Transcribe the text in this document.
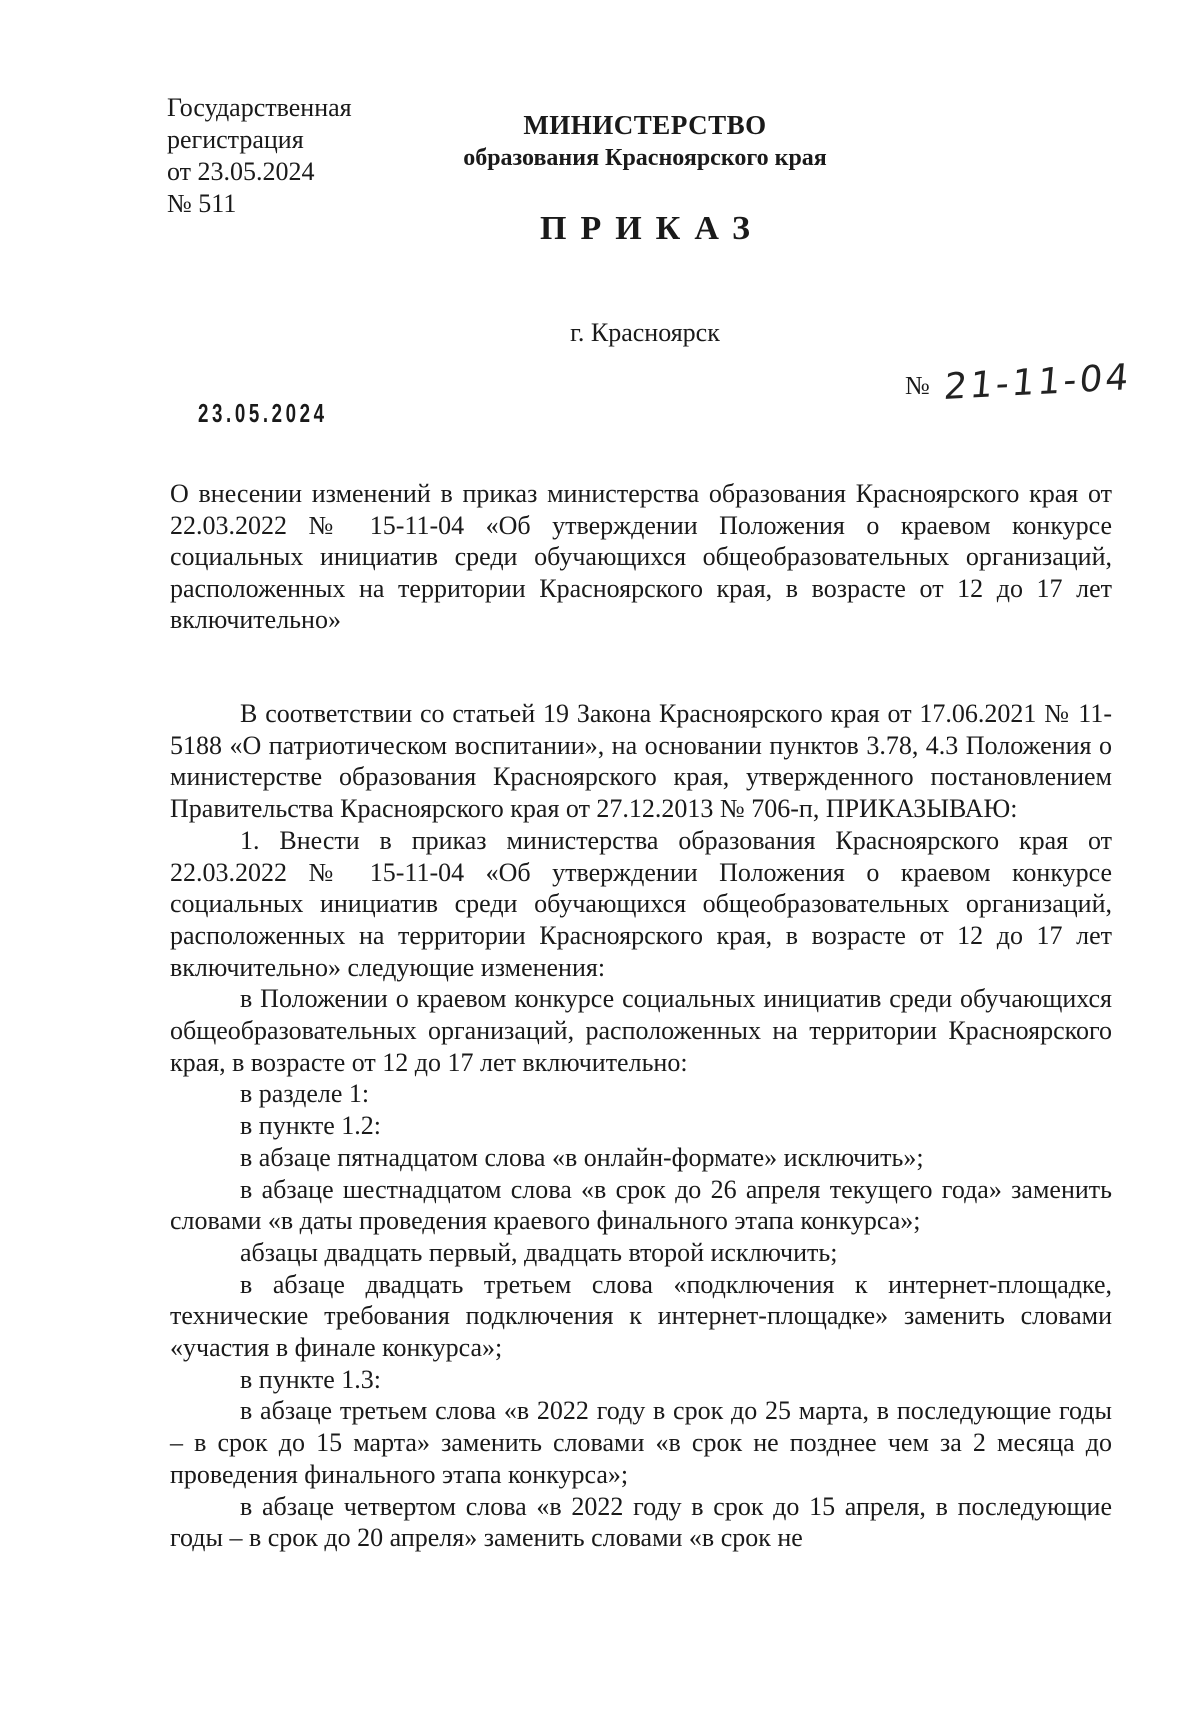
Государственная
регистрация
от 23.05.2024
№ 511
МИНИСТЕРСТВО
образования Красноярского края
ПРИКАЗ
г. Красноярск
23.05.2024
№ 21-11-04
О внесении изменений в приказ министерства образования Красноярского края от 22.03.2022 № 15-11-04 «Об утверждении Положения о краевом конкурсе социальных инициатив среди обучающихся общеобразовательных организаций, расположенных на территории Красноярского края, в возрасте от 12 до 17 лет включительно»

В соответствии со статьей 19 Закона Красноярского края от 17.06.2021 № 11-5188 «О патриотическом воспитании», на основании пунктов 3.78, 4.3 Положения о министерстве образования Красноярского края, утвержденного постановлением Правительства Красноярского края от 27.12.2013 № 706-п, ПРИКАЗЫВАЮ:

1. Внести в приказ министерства образования Красноярского края от 22.03.2022 № 15-11-04 «Об утверждении Положения о краевом конкурсе социальных инициатив среди обучающихся общеобразовательных организаций, расположенных на территории Красноярского края, в возрасте от 12 до 17 лет включительно» следующие изменения:

в Положении о краевом конкурсе социальных инициатив среди обучающихся общеобразовательных организаций, расположенных на территории Красноярского края, в возрасте от 12 до 17 лет включительно:

в разделе 1:

в пункте 1.2:

в абзаце пятнадцатом слова «в онлайн-формате» исключить»;

в абзаце шестнадцатом слова «в срок до 26 апреля текущего года» заменить словами «в даты проведения краевого финального этапа конкурса»;

абзацы двадцать первый, двадцать второй исключить;

в абзаце двадцать третьем слова «подключения к интернет-площадке, технические требования подключения к интернет-площадке» заменить словами «участия в финале конкурса»;

в пункте 1.3:

в абзаце третьем слова «в 2022 году в срок до 25 марта, в последующие годы – в срок до 15 марта» заменить словами «в срок не позднее чем за 2 месяца до проведения финального этапа конкурса»;

в абзаце четвертом слова «в 2022 году в срок до 15 апреля, в последующие годы – в срок до 20 апреля» заменить словами «в срок не
